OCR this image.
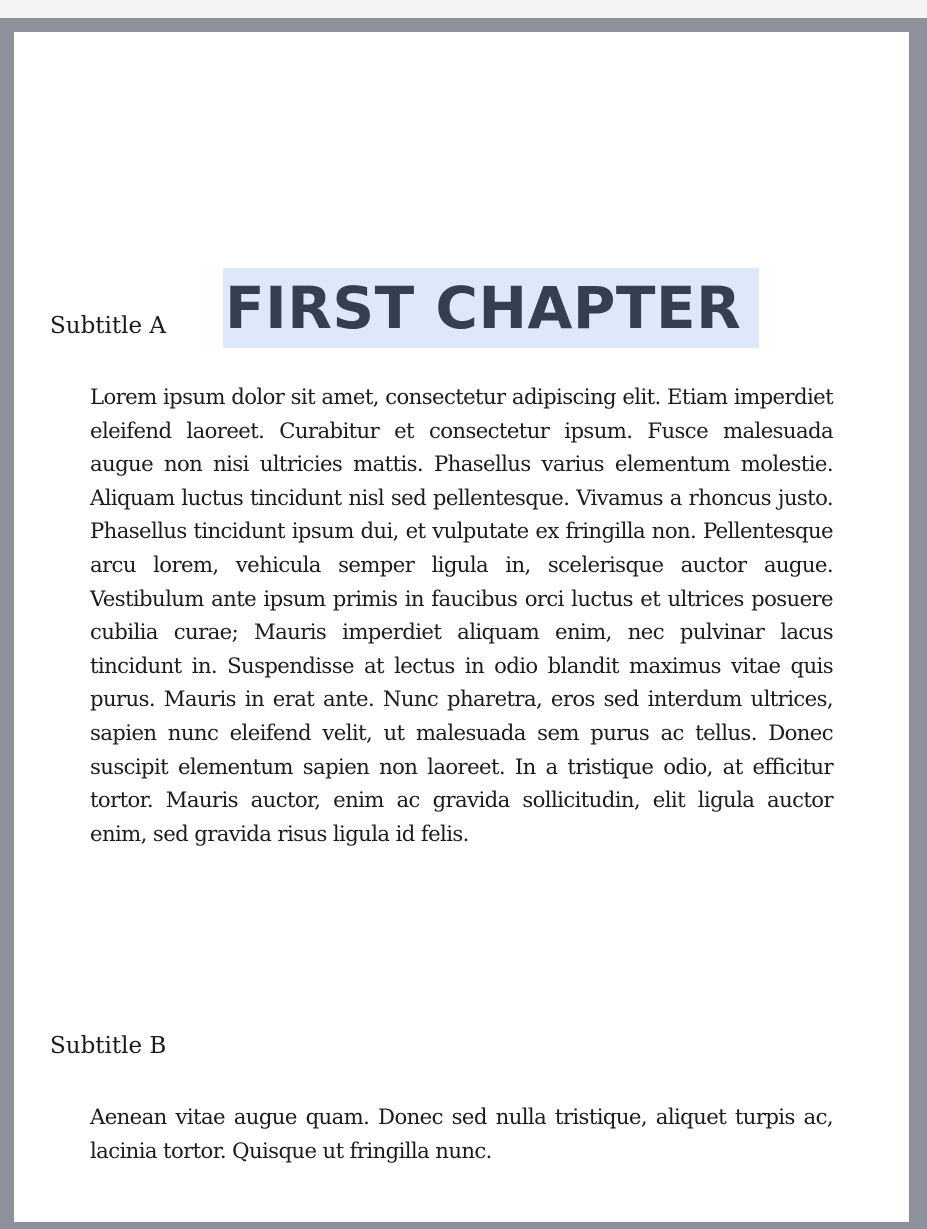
FIRST CHAPTER
Subtitle A

Lorem ipsum dolor sit amet, consectetur adipiscing elit. Etiam imperdiet eleifend laoreet. Curabitur et consectetur ipsum. Fusce malesuada augue non nisi ultricies mattis. Phasellus varius elementum molestie. Aliquam luctus tincidunt nisl sed pellentesque. Vivamus a rhoncus justo. Phasellus tincidunt ipsum dui, et vulputate ex fringilla non. Pellentesque arcu lorem, vehicula semper ligula in, scelerisque auctor augue. Vestibulum ante ipsum primis in faucibus orci luctus et ultrices posuere cubilia curae; Mauris imperdiet aliquam enim, nec pulvinar lacus tincidunt in. Suspendisse at lectus in odio blandit maximus vitae quis purus. Mauris in erat ante. Nunc pharetra, eros sed interdum ultrices, sapien nunc eleifend velit, ut malesuada sem purus ac tellus. Donec suscipit elementum sapien non laoreet. In a tristique odio, at efficitur tortor. Mauris auctor, enim ac gravida sollicitudin, elit ligula auctor enim, sed gravida risus ligula id felis.

Subtitle B

Aenean vitae augue quam. Donec sed nulla tristique, aliquet turpis ac, lacinia tortor. Quisque ut fringilla nunc.
